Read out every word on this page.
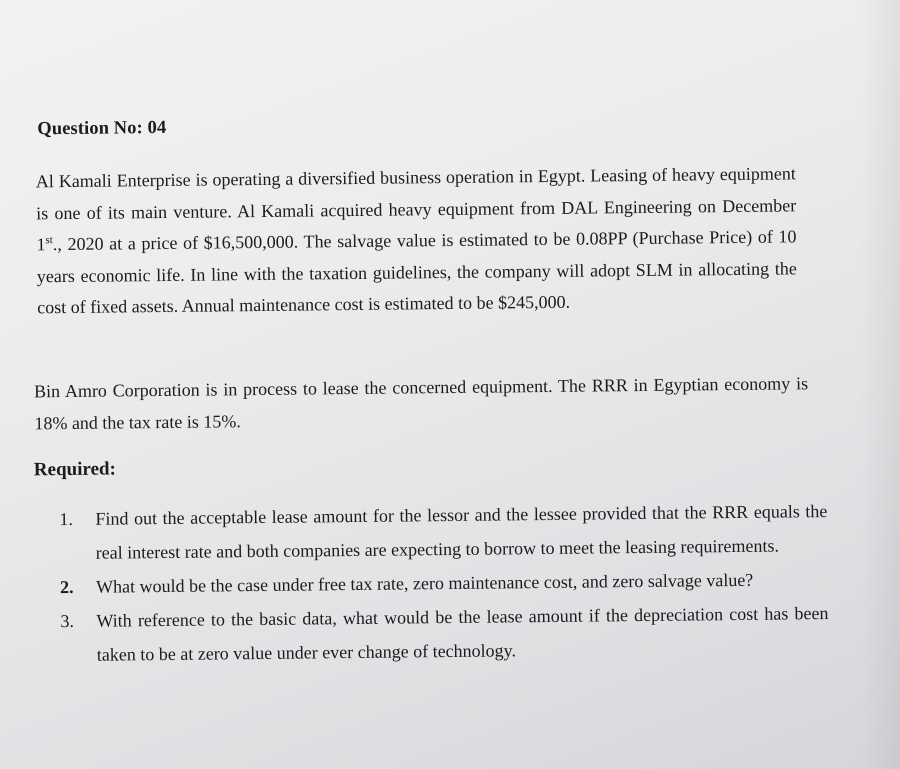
Question No: 04
Al Kamali Enterprise is operating a diversified business operation in Egypt. Leasing of heavy equipment is one of its main venture. Al Kamali acquired heavy equipment from DAL Engineering on December 1st., 2020 at a price of $16,500,000. The salvage value is estimated to be 0.08PP (Purchase Price) of 10 years economic life. In line with the taxation guidelines, the company will adopt SLM in allocating the cost of fixed assets. Annual maintenance cost is estimated to be $245,000.
Bin Amro Corporation is in process to lease the concerned equipment. The RRR in Egyptian economy is 18% and the tax rate is 15%.
Required:
1.	Find out the acceptable lease amount for the lessor and the lessee provided that the RRR equals the real interest rate and both companies are expecting to borrow to meet the leasing requirements.
2.	What would be the case under free tax rate, zero maintenance cost, and zero salvage value?
3.	With reference to the basic data, what would be the lease amount if the depreciation cost has been taken to be at zero value under ever change of technology.
